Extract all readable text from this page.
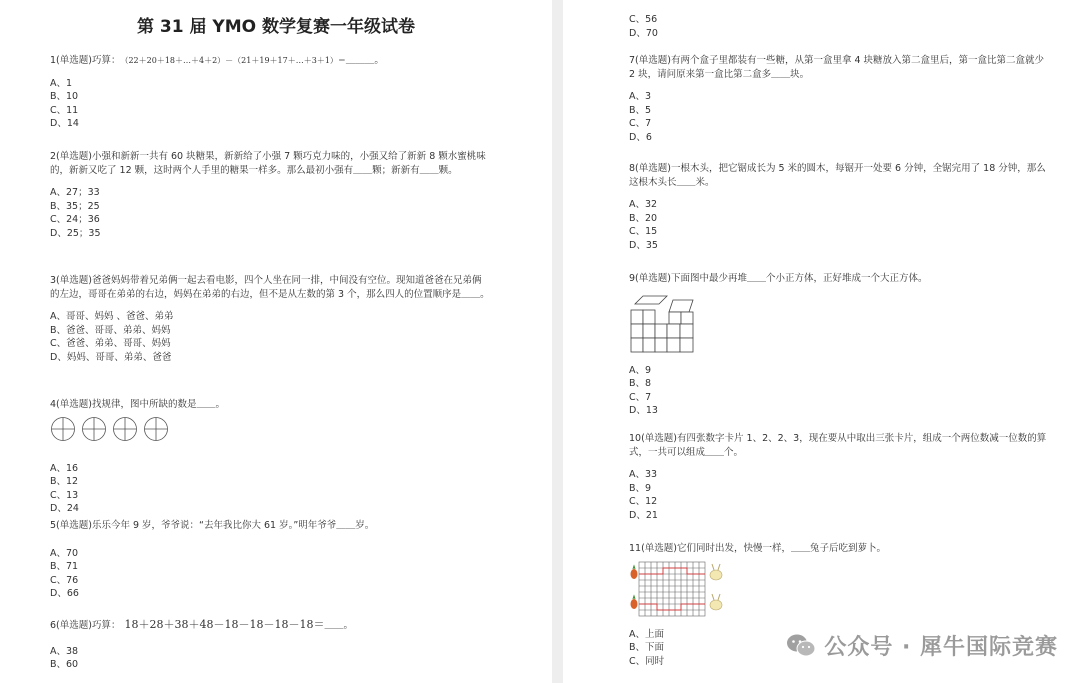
第 31 届 YMO 数学复赛一年级试卷
1(单选题)巧算： （22＋20＋18＋…＋4＋2）－（21＋19＋17＋…＋3＋1）＝＿＿＿。
A、1
B、10
C、11
D、14
2(单选题)小强和新新一共有 60 块糖果，新新给了小强 7 颗巧克力味的，小强又给了新新 8 颗水蜜桃味的，新新又吃了 12 颗，这时两个人手里的糖果一样多。那么最初小强有＿＿颗；新新有＿＿颗。
A、27；33
B、35；25
C、24；36
D、25；35
3(单选题)爸爸妈妈带着兄弟俩一起去看电影，四个人坐在同一排，中间没有空位。现知道爸爸在兄弟俩的左边，哥哥在弟弟的右边，妈妈在弟弟的右边，但不是从左数的第 3 个，那么四人的位置顺序是＿＿。
A、哥哥、妈妈 、爸爸、弟弟
B、爸爸、哥哥、弟弟、妈妈
C、爸爸、弟弟、哥哥、妈妈
D、妈妈、哥哥、弟弟、爸爸
4(单选题)找规律，图中所缺的数是＿＿。
A、16
B、12
C、13
D、24
5(单选题)乐乐今年 9 岁，爷爷说：“去年我比你大 61 岁。”明年爷爷＿＿岁。
A、70
B、71
C、76
D、66
6(单选题)巧算： 18＋28＋38＋48－18－18－18－18＝＿＿。
A、38
B、60
C、56
D、70
7(单选题)有两个盒子里都装有一些糖，从第一盒里拿 4 块糖放入第二盒里后，第一盒比第二盒就少 2 块，请问原来第一盒比第二盒多＿＿块。
A、3
B、5
C、7
D、6
8(单选题)一根木头，把它锯成长为 5 米的圆木，每锯开一处要 6 分钟，全锯完用了 18 分钟，那么这根木头长＿＿米。
A、32
B、20
C、15
D、35
9(单选题)下面图中最少再堆＿＿个小正方体，正好堆成一个大正方体。
A、9
B、8
C、7
D、13
10(单选题)有四张数字卡片 1、2、2、3，现在要从中取出三张卡片，组成一个两位数减一位数的算式，一共可以组成＿＿个。
A、33
B、9
C、12
D、21
11(单选题)它们同时出发，快慢一样，＿＿兔子后吃到萝卜。
A、上面
B、下面
C、同时
公众号 · 犀牛国际竞赛
